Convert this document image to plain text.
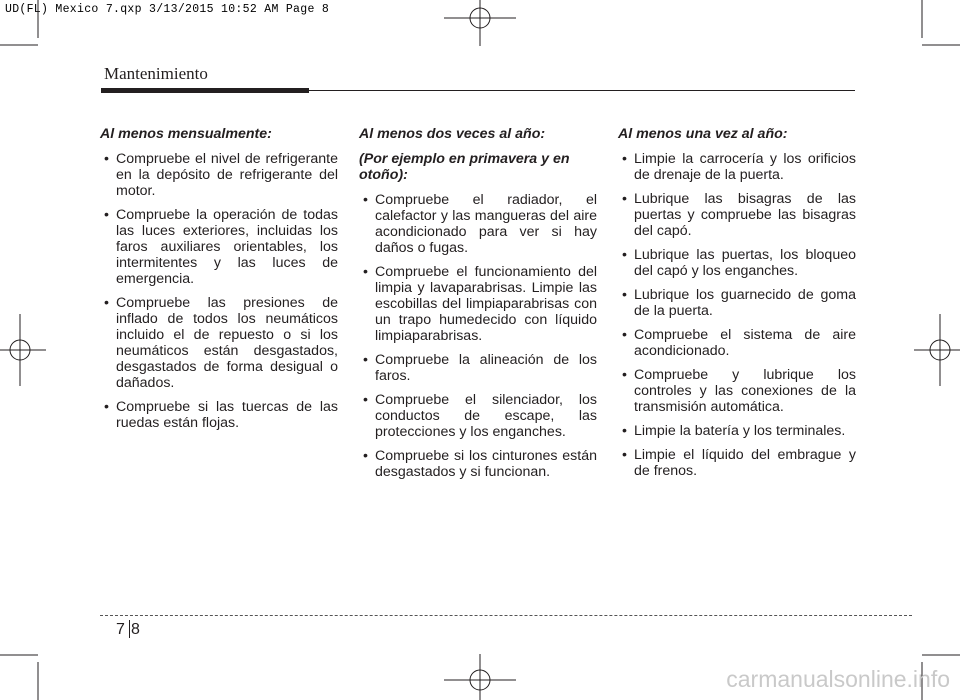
UD(FL) Mexico 7.qxp 3/13/2015 10:52 AM Page 8
Mantenimiento
Al menos mensualmente:
• Compruebe el nivel de refrigerante en la depósito de refrigerante del motor.
• Compruebe la operación de todas las luces exteriores, incluidas los faros auxiliares orientables, los intermitentes y las luces de emergencia.
• Compruebe las presiones de inflado de todos los neumáticos incluido el de repuesto o si los neumáticos están desgastados, desgastados de forma desigual o dañados.
• Compruebe si las tuercas de las ruedas están flojas.
Al menos dos veces al año:
(Por ejemplo en primavera y en otoño):
• Compruebe el radiador, el calefactor y las mangueras del aire acondicionado para ver si hay daños o fugas.
• Compruebe el funcionamiento del limpia y lavaparabrisas. Limpie las escobillas del limpiaparabrisas con un trapo humedecido con líquido limpiaparabrisas.
• Compruebe la alineación de los faros.
• Compruebe el silenciador, los conductos de escape, las protecciones y los enganches.
• Compruebe si los cinturones están desgastados y si funcionan.
Al menos una vez al año:
• Limpie la carrocería y los orificios de drenaje de la puerta.
• Lubrique las bisagras de las puertas y compruebe las bisagras del capó.
• Lubrique las puertas, los bloqueo del capó y los enganches.
• Lubrique los guarnecido de goma de la puerta.
• Compruebe el sistema de aire acondicionado.
• Compruebe y lubrique los controles y las conexiones de la transmisión automática.
• Limpie la batería y los terminales.
• Limpie el líquido del embrague y de frenos.
7 8
carmanualsonline.info
